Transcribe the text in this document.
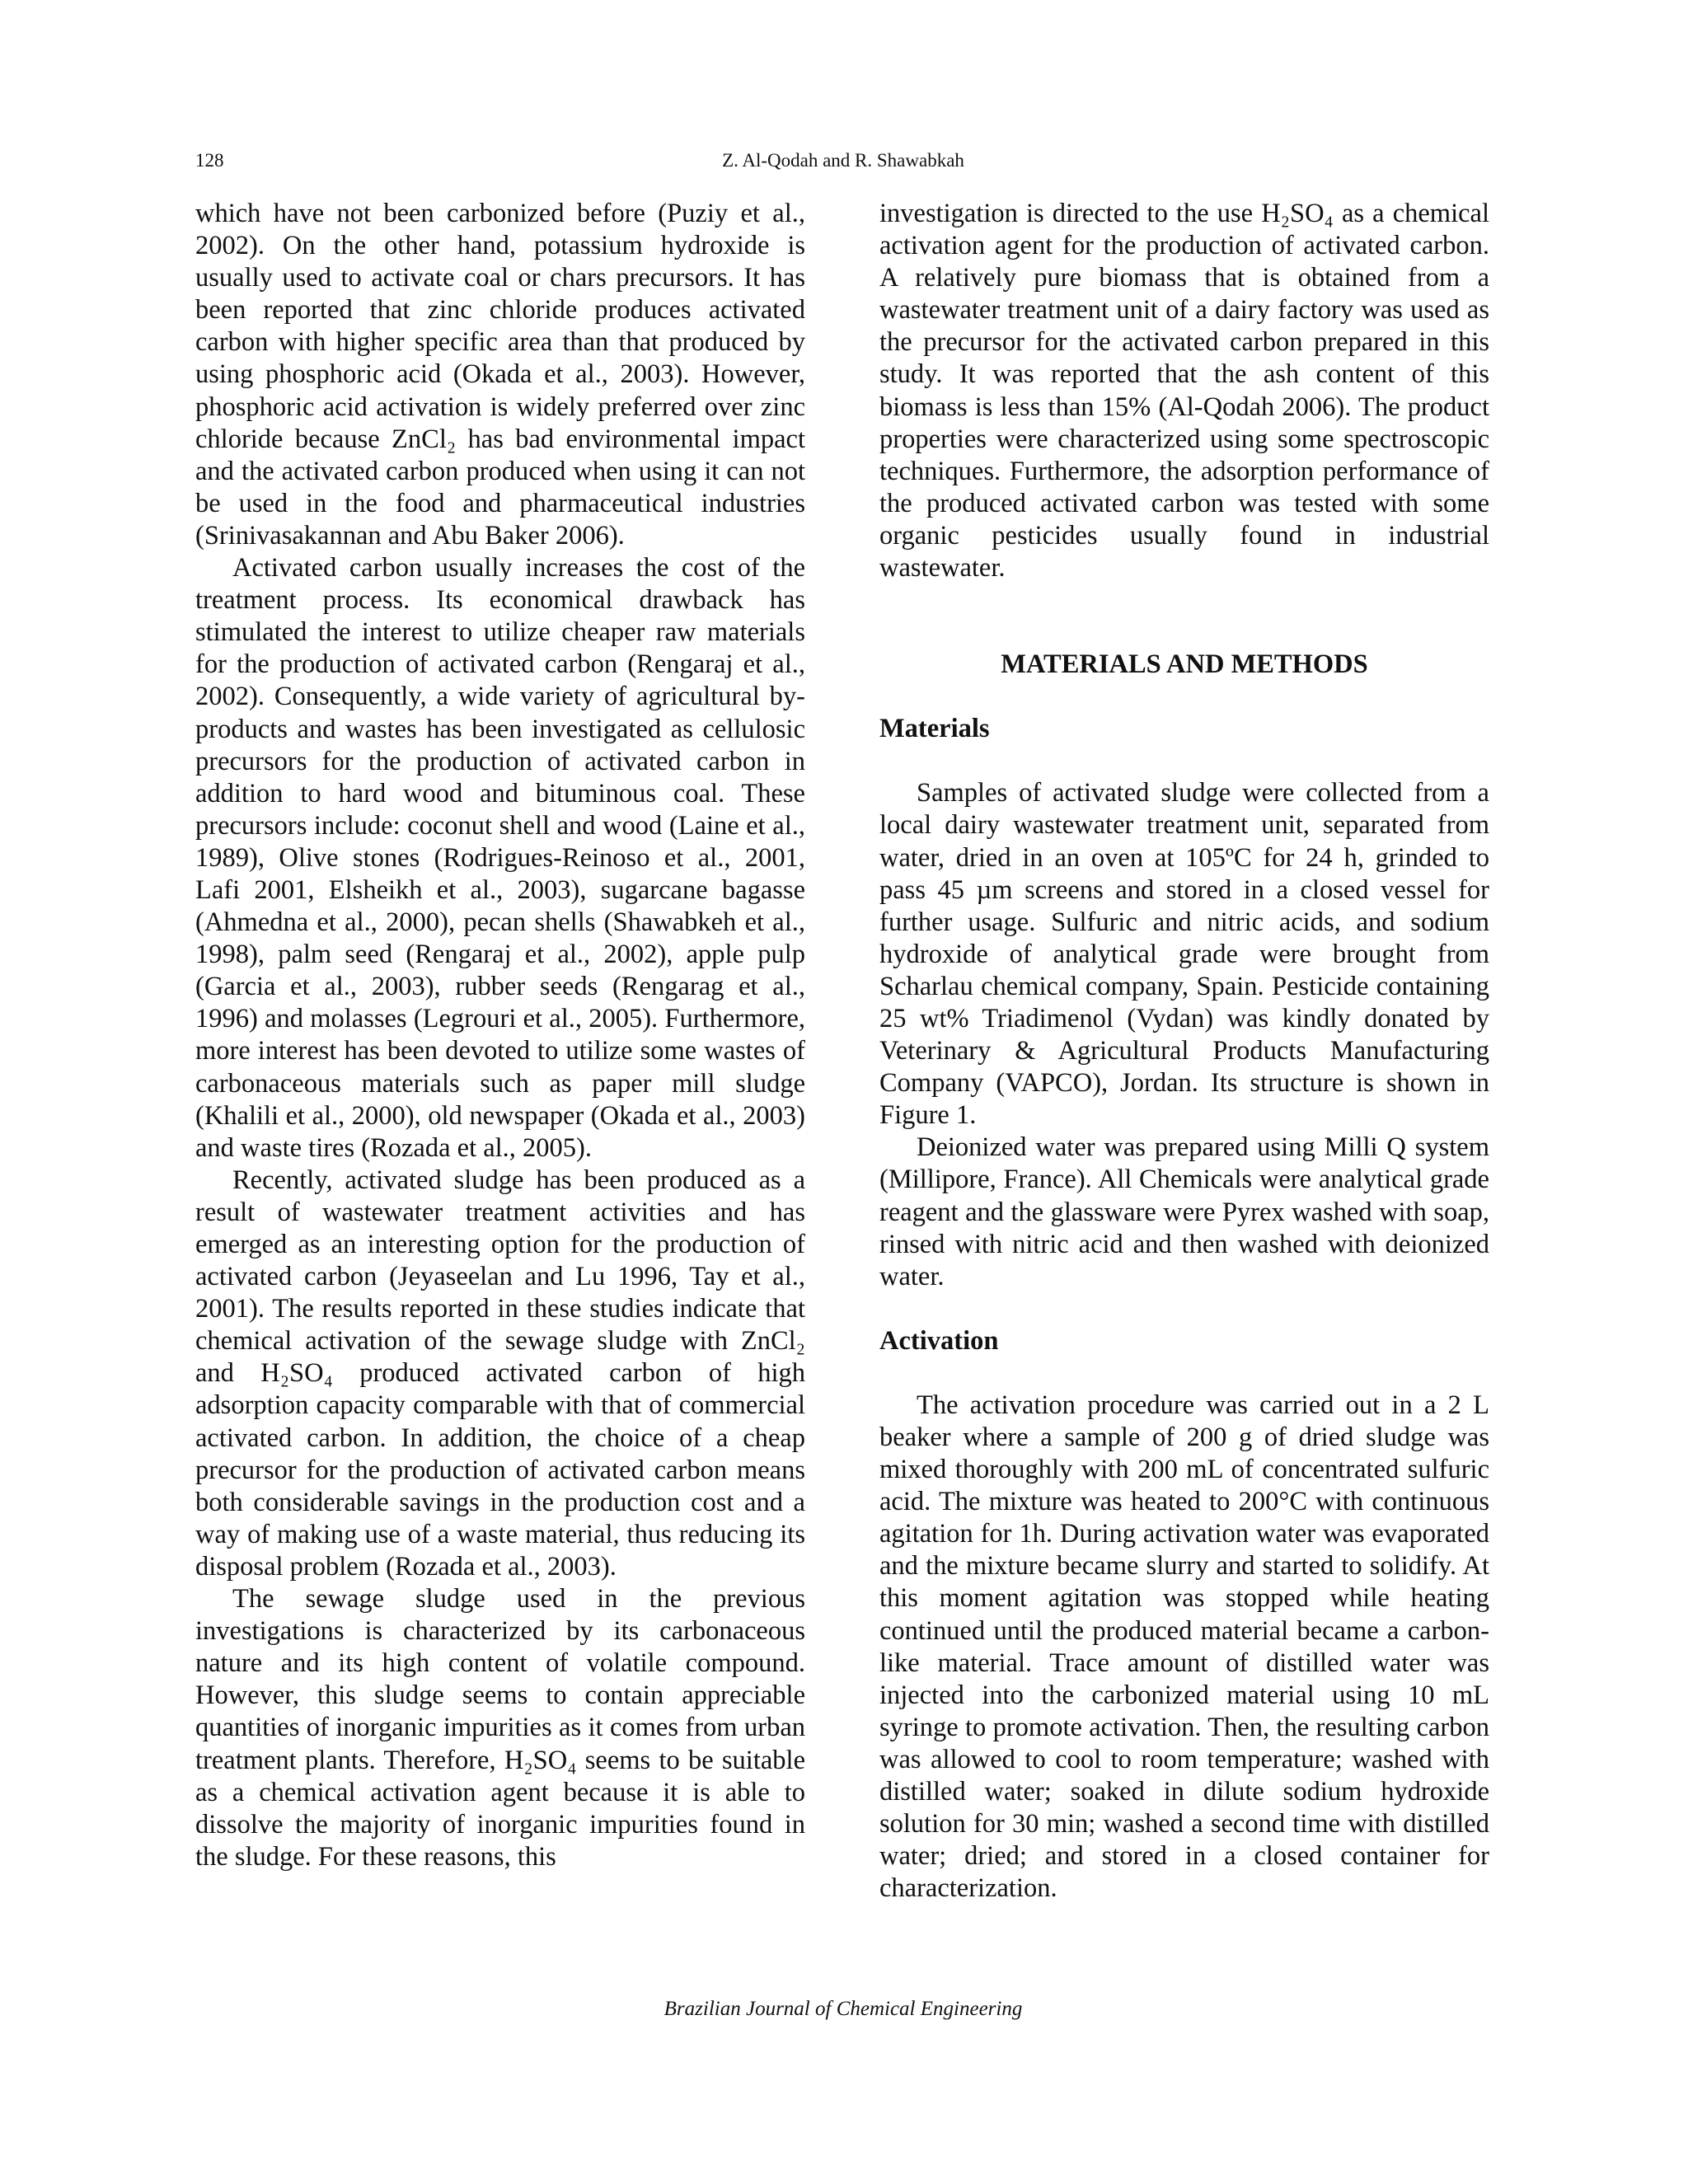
128	Z. Al-Qodah and R. Shawabkah

which have not been carbonized before (Puziy et al., 2002). On the other hand, potassium hydroxide is usually used to activate coal or chars precursors. It has been reported that zinc chloride produces activated carbon with higher specific area than that produced by using phosphoric acid (Okada et al., 2003). However, phosphoric acid activation is widely preferred over zinc chloride because ZnCl₂ has bad environmental impact and the activated carbon produced when using it can not be used in the food and pharmaceutical industries (Srinivasakannan and Abu Baker 2006).

Activated carbon usually increases the cost of the treatment process. Its economical drawback has stimulated the interest to utilize cheaper raw materials for the production of activated carbon (Rengaraj et al., 2002). Consequently, a wide variety of agricultural by-products and wastes has been investigated as cellulosic precursors for the production of activated carbon in addition to hard wood and bituminous coal. These precursors include: coconut shell and wood (Laine et al., 1989), Olive stones (Rodrigues-Reinoso et al., 2001, Lafi 2001, Elsheikh et al., 2003), sugarcane bagasse (Ahmedna et al., 2000), pecan shells (Shawabkeh et al., 1998), palm seed (Rengaraj et al., 2002), apple pulp (Garcia et al., 2003), rubber seeds (Rengarag et al., 1996) and molasses (Legrouri et al., 2005). Furthermore, more interest has been devoted to utilize some wastes of carbonaceous materials such as paper mill sludge (Khalili et al., 2000), old newspaper (Okada et al., 2003) and waste tires (Rozada et al., 2005).

Recently, activated sludge has been produced as a result of wastewater treatment activities and has emerged as an interesting option for the production of activated carbon (Jeyaseelan and Lu 1996, Tay et al., 2001). The results reported in these studies indicate that chemical activation of the sewage sludge with ZnCl₂ and H₂SO₄ produced activated carbon of high adsorption capacity comparable with that of commercial activated carbon. In addition, the choice of a cheap precursor for the production of activated carbon means both considerable savings in the production cost and a way of making use of a waste material, thus reducing its disposal problem (Rozada et al., 2003).

The sewage sludge used in the previous investigations is characterized by its carbonaceous nature and its high content of volatile compound. However, this sludge seems to contain appreciable quantities of inorganic impurities as it comes from urban treatment plants. Therefore, H₂SO₄ seems to be suitable as a chemical activation agent because it is able to dissolve the majority of inorganic impurities found in the sludge. For these reasons, this

investigation is directed to the use H₂SO₄ as a chemical activation agent for the production of activated carbon. A relatively pure biomass that is obtained from a wastewater treatment unit of a dairy factory was used as the precursor for the activated carbon prepared in this study. It was reported that the ash content of this biomass is less than 15% (Al-Qodah 2006). The product properties were characterized using some spectroscopic techniques. Furthermore, the adsorption performance of the produced activated carbon was tested with some organic pesticides usually found in industrial wastewater.

MATERIALS AND METHODS

Materials

Samples of activated sludge were collected from a local dairy wastewater treatment unit, separated from water, dried in an oven at 105ºC for 24 h, grinded to pass 45 µm screens and stored in a closed vessel for further usage. Sulfuric and nitric acids, and sodium hydroxide of analytical grade were brought from Scharlau chemical company, Spain. Pesticide containing 25 wt% Triadimenol (Vydan) was kindly donated by Veterinary & Agricultural Products Manufacturing Company (VAPCO), Jordan. Its structure is shown in Figure 1.

Deionized water was prepared using Milli Q system (Millipore, France). All Chemicals were analytical grade reagent and the glassware were Pyrex washed with soap, rinsed with nitric acid and then washed with deionized water.

Activation

The activation procedure was carried out in a 2 L beaker where a sample of 200 g of dried sludge was mixed thoroughly with 200 mL of concentrated sulfuric acid. The mixture was heated to 200°C with continuous agitation for 1h. During activation water was evaporated and the mixture became slurry and started to solidify. At this moment agitation was stopped while heating continued until the produced material became a carbon-like material. Trace amount of distilled water was injected into the carbonized material using 10 mL syringe to promote activation. Then, the resulting carbon was allowed to cool to room temperature; washed with distilled water; soaked in dilute sodium hydroxide solution for 30 min; washed a second time with distilled water; dried; and stored in a closed container for characterization.

Brazilian Journal of Chemical Engineering
